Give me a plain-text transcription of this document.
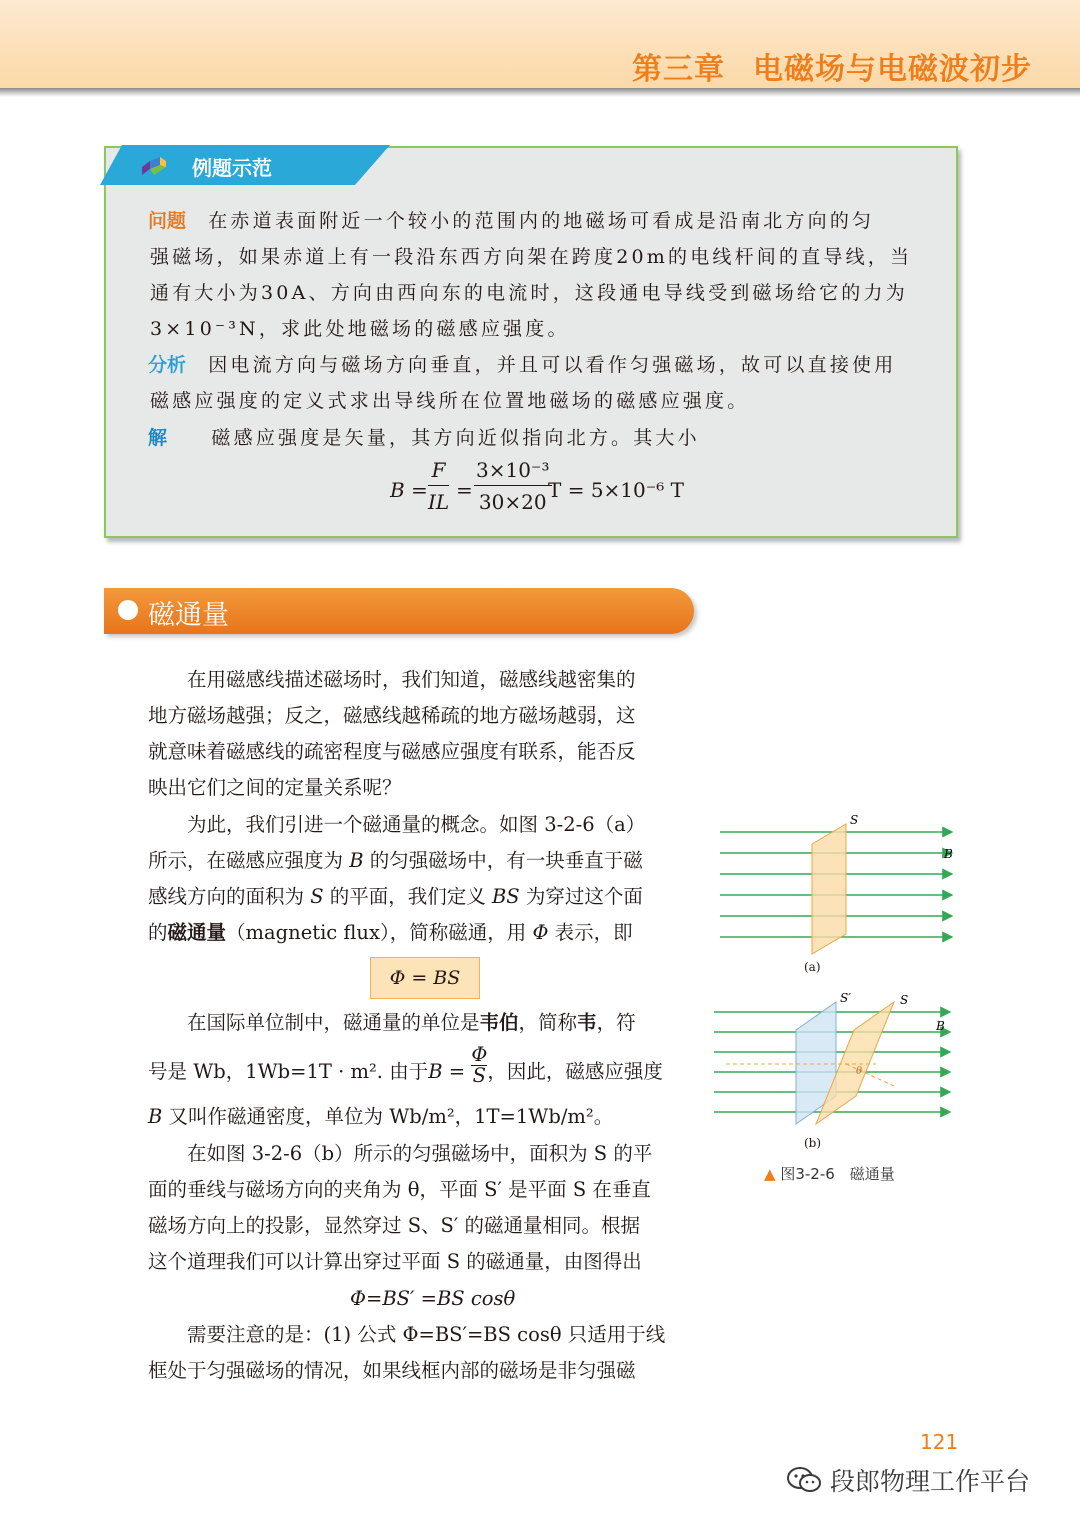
第三章 电磁场与电磁波初步
例题示范
问题　 在赤道表面附近一个较小的范围内的地磁场可看成是沿南北方向的匀
强磁场，如果赤道上有一段沿东西方向架在跨度20m的电线杆间的直导线，当
通有大小为30A、方向由西向东的电流时，这段通电导线受到磁场给它的力为
3×10⁻³N，求此处地磁场的磁感应强度。
分析　 因电流方向与磁场方向垂直，并且可以看作匀强磁场，故可以直接使用
磁感应强度的定义式求出导线所在位置地磁场的磁感应强度。
解　　 磁感应强度是矢量，其方向近似指向北方。其大小
$B = \frac{F}{IL} = \frac{\text{3×10⁻³}}{30\times 20}$
T = 5×10⁻⁶ T
磁通量
　　在用磁感线描述磁场时，我们知道，磁感线越密集的
地方磁场越强；反之，磁感线越稀疏的地方磁场越弱，这
就意味着磁感线的疏密程度与磁感应强度有联系，能否反
映出它们之间的定量关系呢？
　　为此，我们引进一个磁通量的概念。如图 3-2-6（a）
所示，在磁感应强度为 B 的匀强磁场中，有一块垂直于磁
感线方向的面积为 S 的平面，我们定义 BS 为穿过这个面
的磁通量（magnetic flux），简称磁通，用 Φ 表示，即
Φ = BS
　　在国际单位制中，磁通量的单位是韦伯，简称韦，符
号是 Wb，1Wb=1T · m². 由于$B = \frac{\Phi}{S}$ ，因此，磁感应强度
B 又叫作磁通密度，单位为 Wb/m²，1T=1Wb/m²。
　　在如图 3-2-6（b）所示的匀强磁场中，面积为 S 的平
面的垂线与磁场方向的夹角为 θ，平面 S′ 是平面 S 在垂直
磁场方向上的投影，显然穿过 S、S′ 的磁通量相同。根据
这个道理我们可以计算出穿过平面 S 的磁通量，由图得出
Φ=BS′ =BS cosθ
　　需要注意的是：(1) 公式 Φ=BS′=BS cosθ 只适用于线
框处于匀强磁场的情况，如果线框内部的磁场是非匀强磁
S
B
(a)
θ
S′	S
B
(b)
▲ 图3-2-6　磁通量
121
段郎物理工作平台
